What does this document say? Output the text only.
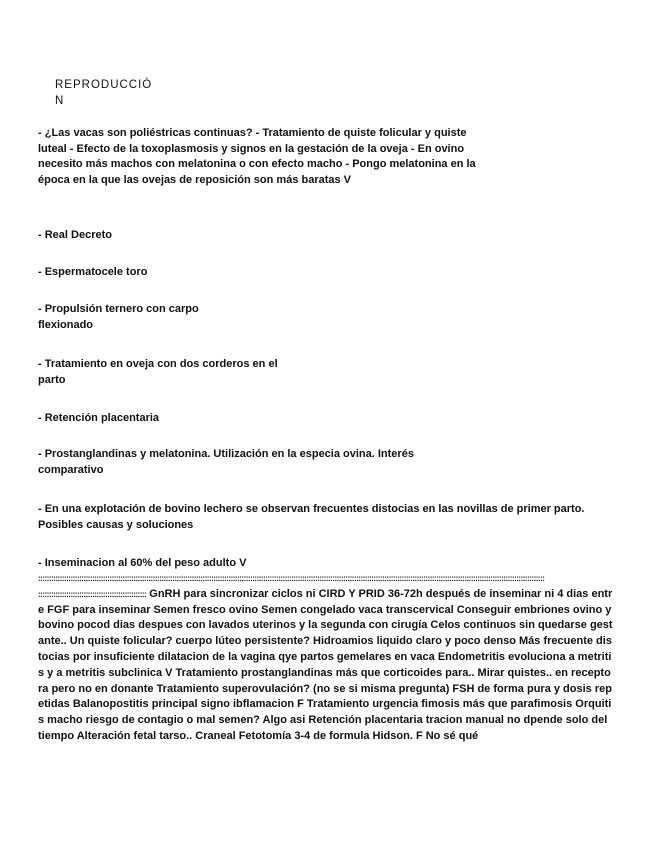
REPRODUCCIÓN

- ¿Las vacas son poliéstricas continuas? - Tratamiento de quiste folicular y quiste luteal - Efecto de la toxoplasmosis y signos en la gestación de la oveja - En ovino necesito más machos con melatonina o con efecto macho - Pongo melatonina en la época en la que las ovejas de reposición son más baratas V

- Real Decreto

- Espermatocele toro

- Propulsión ternero con carpo flexionado

- Tratamiento en oveja con dos corderos en el parto

- Retención placentaria

- Prostanglandinas y melatonina. Utilización en la especia ovina. Interés comparativo

- En una explotación de bovino lechero se observan frecuentes distocias en las novillas de primer parto. Posibles causas y soluciones

- Inseminacion al 60% del peso adulto V

::::::::::::::::::::::::::::::::::::::::::::::::::::::::::::::::::::::::::::::::::::::::::::::::::::::::::::::::::::::::::::::::::::::::::::::::::::::::::::::::::::::::::::::::::::::::::::::::::::::::::::::::::::::::::::::::::::::::::
:::::::::::::::::::::::::::::::::::::::::::::::::: GnRH para sincronizar ciclos ni CIRD Y PRID 36-72h después de inseminar ni 4 dias entre FGF para inseminar Semen fresco ovino Semen congelado vaca transcervical Conseguir embriones ovino y bovino pocod dias despues con lavados uterinos y la segunda con cirugía Celos continuos sin quedarse gestante.. Un quiste folicular? cuerpo lúteo persistente? Hidroamios liquido claro y poco denso Más frecuente distocias por insuficiente dilatacion de la vagina qye partos gemelares en vaca Endometritis evoluciona a metritis y a metritis subclinica V Tratamiento prostanglandinas más que corticoides para.. Mirar quistes.. en receptora pero no en donante Tratamiento superovulación? (no se si misma pregunta) FSH de forma pura y dosis repetidas Balanopostitis principal signo ibflamacion F Tratamiento urgencia fimosis más que parafimosis Orquitis macho riesgo de contagio o mal semen? Algo asi Retención placentaria tracion manual no dpende solo del tiempo Alteración fetal tarso.. Craneal Fetotomía 3-4 de formula Hidson. F No sé qué
